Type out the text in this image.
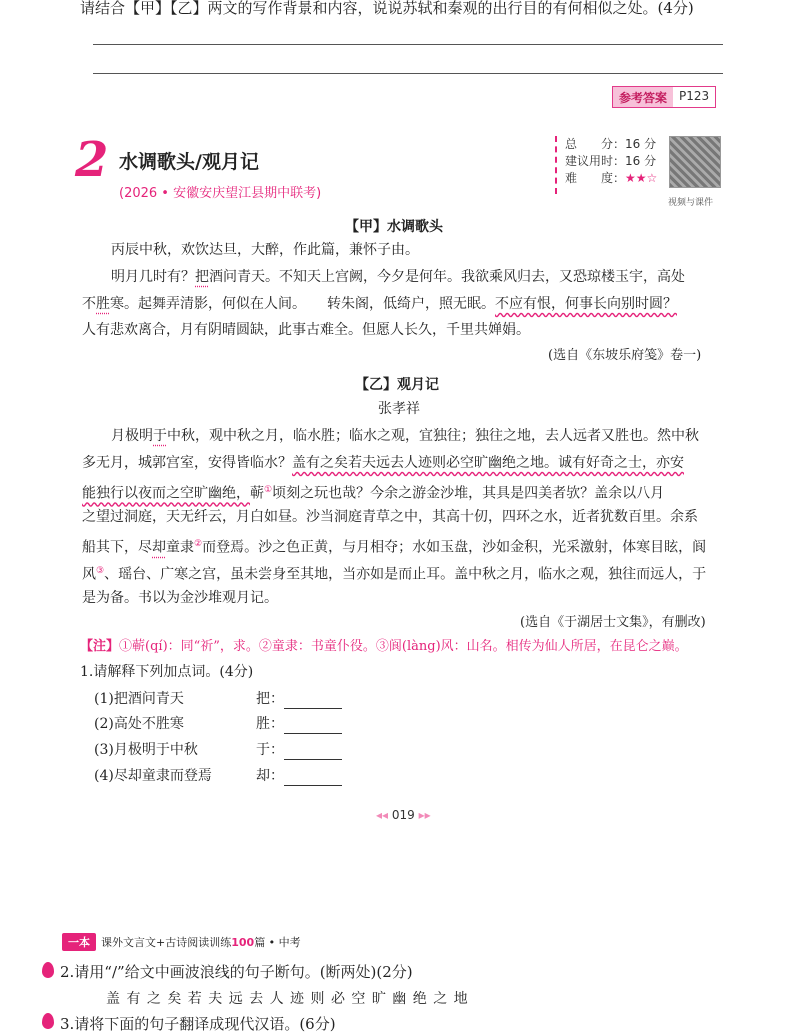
请结合【甲】【乙】两文的写作背景和内容，说说苏轼和秦观的出行目的有何相似之处。(4分)
参考答案	P123
2 水调歌头/观月记
(2026 • 安徽安庆望江县期中联考)
总　　分：16 分
建议用时：16 分
难　　度：★★☆
视频与课件
【甲】水调歌头
丙辰中秋，欢饮达旦，大醉，作此篇，兼怀子由。
明月几时有？把酒问青天。不知天上宫阙，今夕是何年。我欲乘风归去，又恐琼楼玉宇，高处
不胜寒。起舞弄清影，何似在人间。　　转朱阁，低绮户，照无眠。不应有恨，何事长向别时圆？
人有悲欢离合，月有阴晴圆缺，此事古难全。但愿人长久，千里共婵娟。
(选自《东坡乐府笺》卷一)
【乙】观月记
张孝祥
月极明于中秋，观中秋之月，临水胜；临水之观，宜独往；独往之地，去人远者又胜也。然中秋
多无月，城郭宫室，安得皆临水？盖有之矣若夫远去人迹则必空旷幽绝之地。诚有好奇之士，亦安
能独行以夜而之空旷幽绝，蕲①顷刻之玩也哉？今余之游金沙堆，其具是四美者欤？盖余以八月
之望过洞庭，天无纤云，月白如昼。沙当洞庭青草之中，其高十仞，四环之水，近者犹数百里。余系
船其下，尽却童隶②而登焉。沙之色正黄，与月相夺；水如玉盘，沙如金积，光采激射，体寒目眩，阆
风③、瑶台、广寒之宫，虽未尝身至其地，当亦如是而止耳。盖中秋之月，临水之观，独往而远人，于
是为备。书以为金沙堆观月记。
(选自《于湖居士文集》，有删改)
【注】①蕲(qí)：同“祈”，求。②童隶：书童仆役。③阆(làng)风：山名。相传为仙人所居，在昆仑之巅。
1.请解释下列加点词。(4分)
(1)把酒问青天	把：
(2)高处不胜寒	胜：
(3)月极明于中秋	于：
(4)尽却童隶而登焉	却：
◂◂ 019 ▸▸
一本	课外文言文+古诗阅读训练 100 篇 • 中考
2.请用“/”给文中画波浪线的句子断句。(断两处)(2分)
盖 有 之 矣 若 夫 远 去 人 迹 则 必 空 旷 幽 绝 之 地
3.请将下面的句子翻译成现代汉语。(6分)
